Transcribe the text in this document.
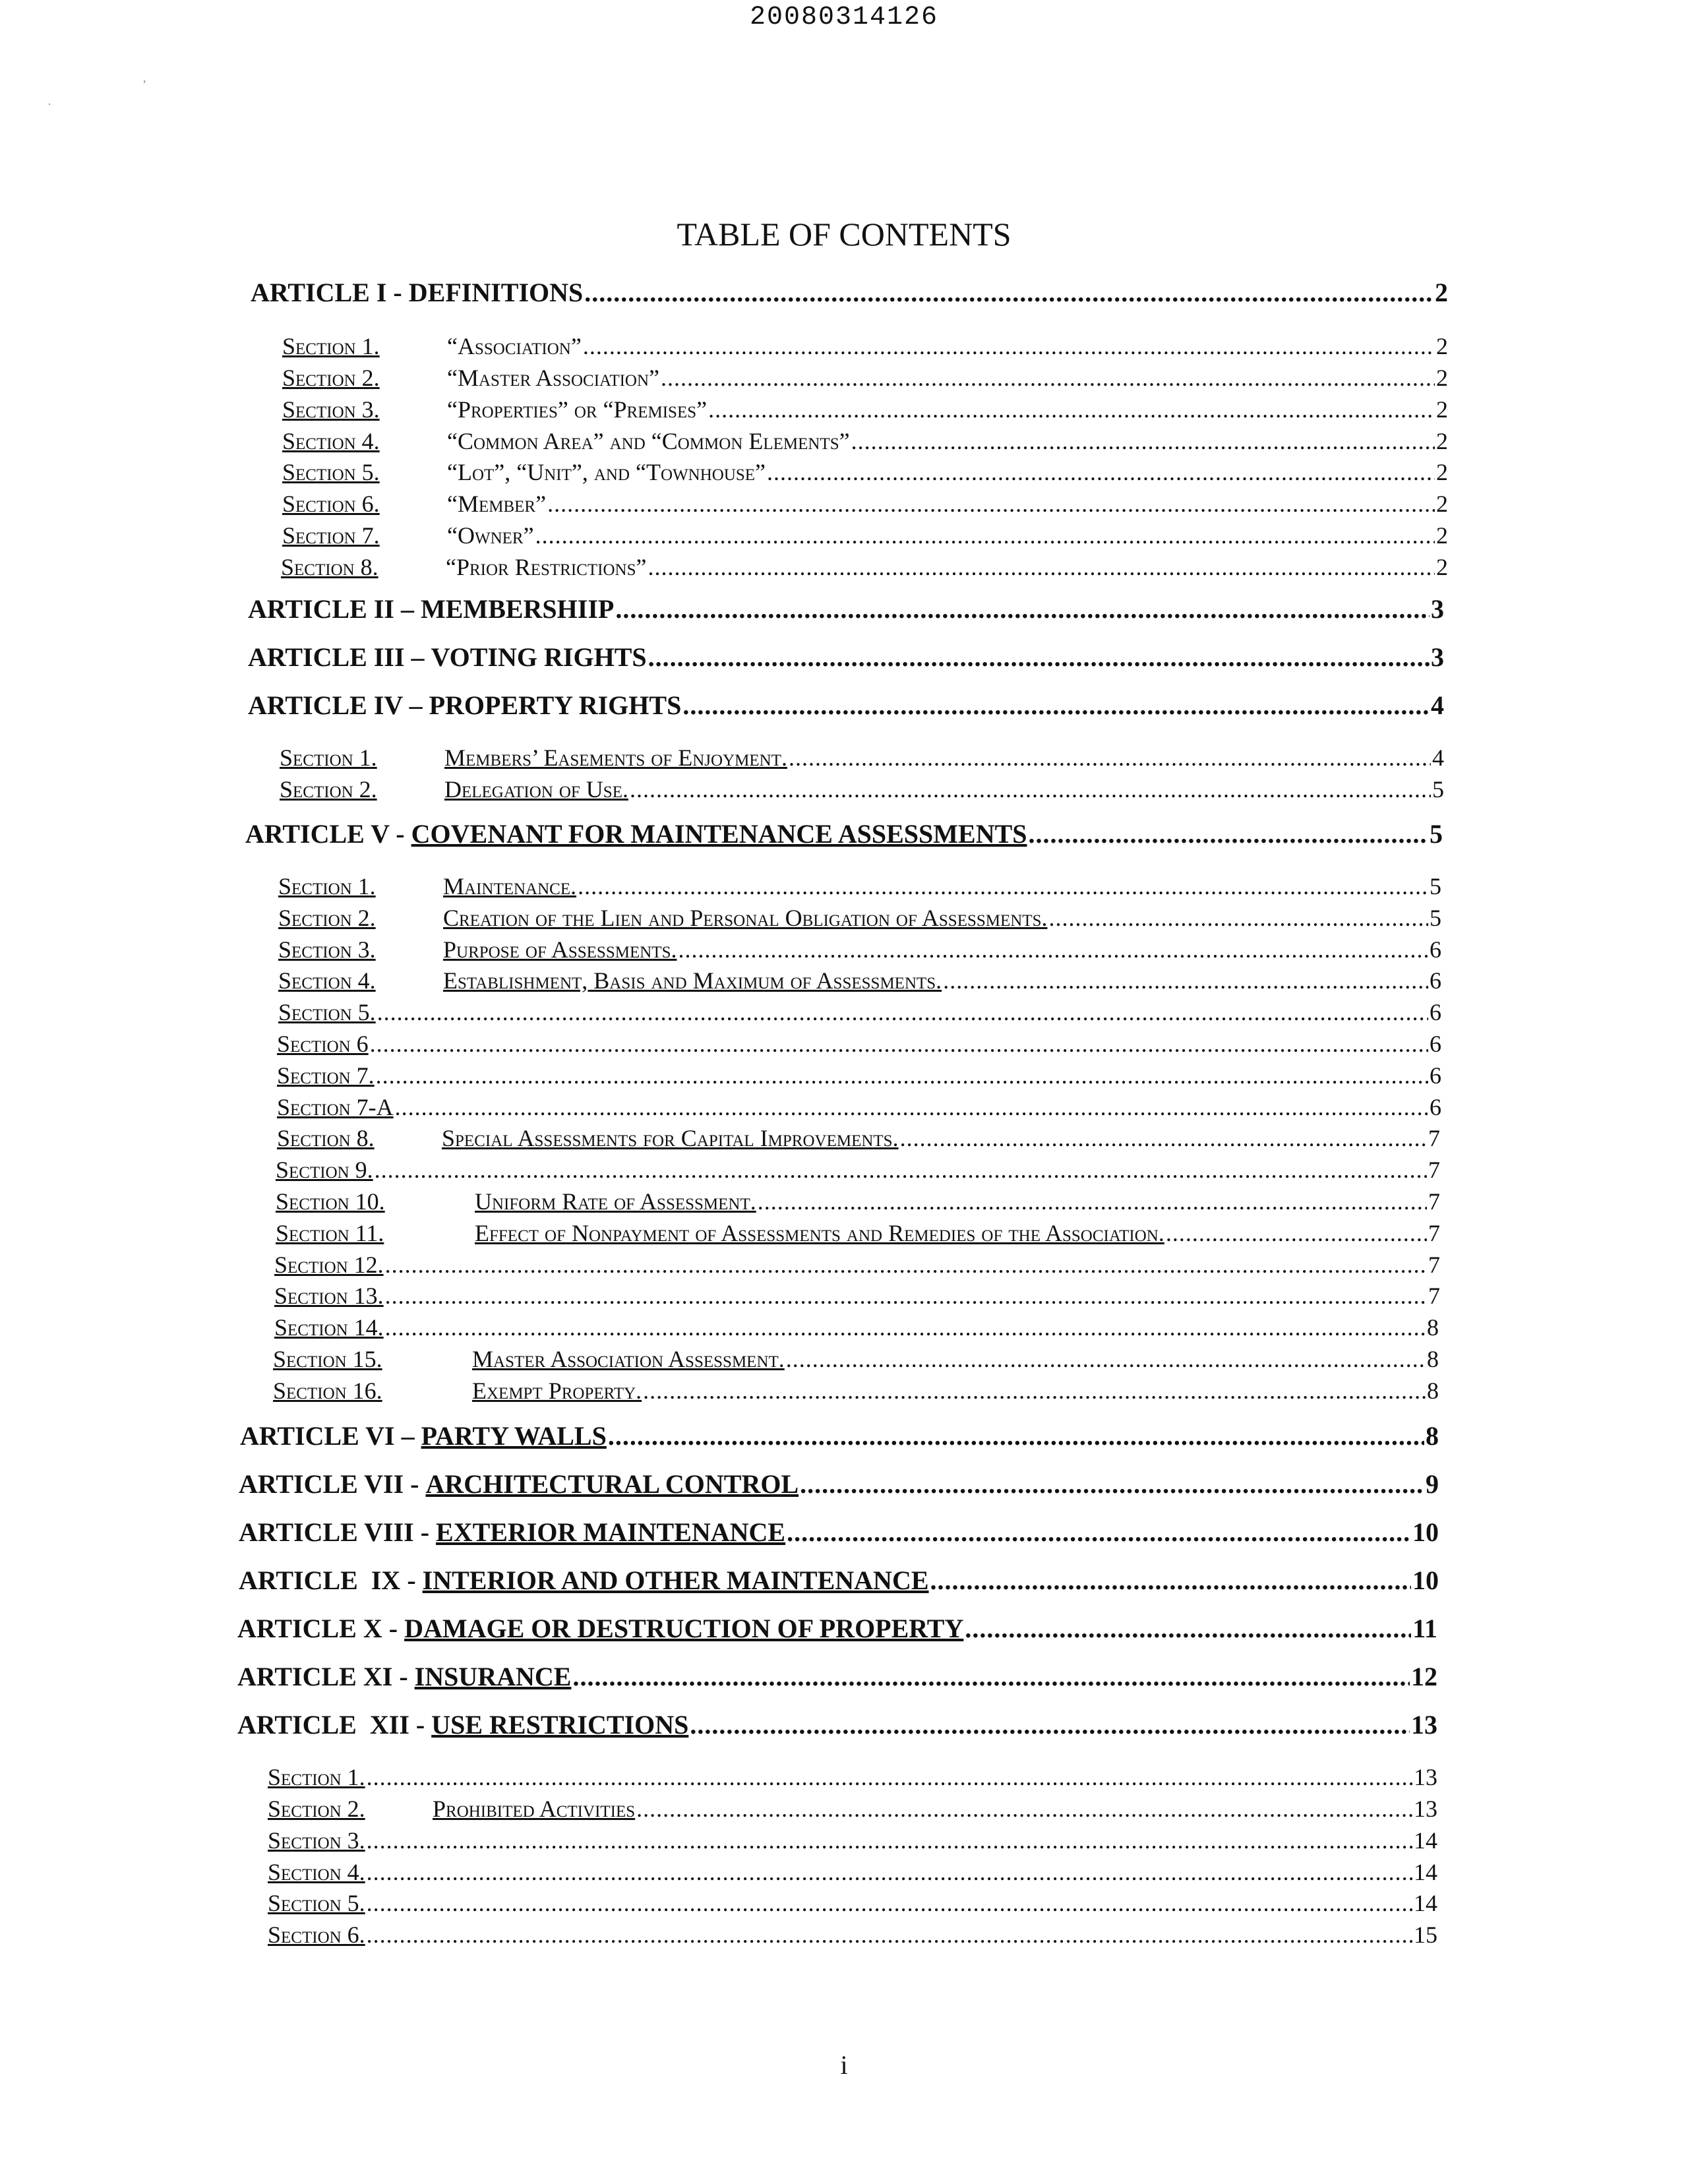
20080314126
ʼ
·
TABLE OF CONTENTS
ARTICLE I - DEFINITIONS .....	2
Section 1.	“Association” .....	2
Section 2.	“Master Association” .....	2
Section 3.	“Properties” or “Premises” .....	2
Section 4.	“Common Area” and “Common Elements” .....	2
Section 5.	“Lot”, “Unit”, and “Townhouse” .....	2
Section 6.	“Member” .....	2
Section 7.	“Owner” .....	2
Section 8.	“Prior Restrictions” .....	2
ARTICLE II – MEMBERSHIIP .....	3
ARTICLE III – VOTING RIGHTS .....	3
ARTICLE IV – PROPERTY RIGHTS .....	4
Section 1.	Members’ Easements of Enjoyment. .....	4
Section 2.	Delegation of Use. .....	5
ARTICLE V - COVENANT FOR MAINTENANCE ASSESSMENTS .....	5
Section 1.	Maintenance. .....	5
Section 2.	Creation of the Lien and Personal Obligation of Assessments. .....	5
Section 3.	Purpose of Assessments. .....	6
Section 4.	Establishment, Basis and Maximum of Assessments. .....	6
Section 5. .....	6
Section 6 .....	6
Section 7. .....	6
Section 7-A .....	6
Section 8.	Special Assessments for Capital Improvements. .....	7
Section 9. .....	7
Section 10.	Uniform Rate of Assessment. .....	7
Section 11.	Effect of Nonpayment of Assessments and Remedies of the Association. .....	7
Section 12. .....	7
Section 13. .....	7
Section 14. .....	8
Section 15.	Master Association Assessment. .....	8
Section 16.	Exempt Property. .....	8
ARTICLE VI – PARTY WALLS .....	8
ARTICLE VII - ARCHITECTURAL CONTROL .....	9
ARTICLE VIII - EXTERIOR MAINTENANCE .....	10
ARTICLE  IX - INTERIOR AND OTHER MAINTENANCE .....	10
ARTICLE X - DAMAGE OR DESTRUCTION OF PROPERTY .....	11
ARTICLE XI - INSURANCE .....	12
ARTICLE  XII - USE RESTRICTIONS .....	13
Section 1. .....	13
Section 2.	Prohibited Activities .....	13
Section 3. .....	14
Section 4. .....	14
Section 5. .....	14
Section 6. .....	15
i
